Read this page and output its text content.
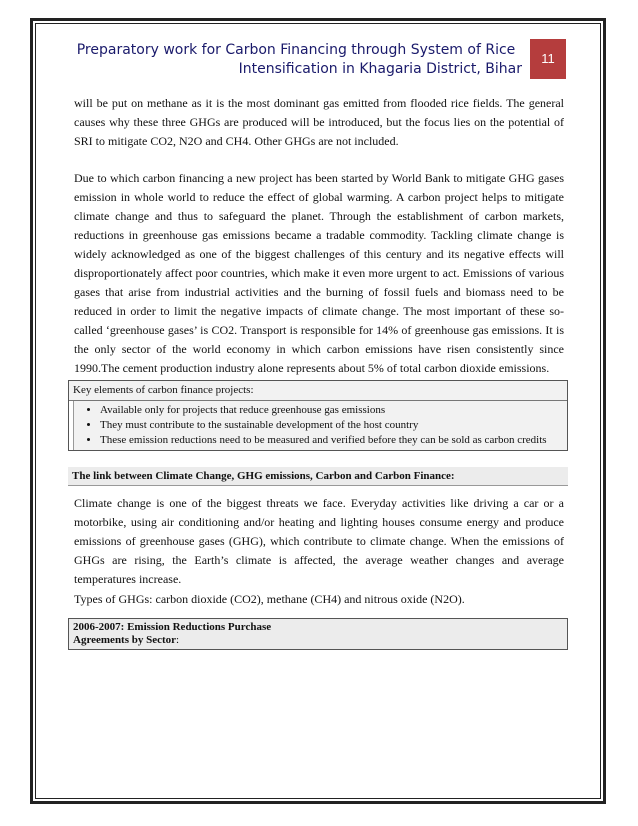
Preparatory work for Carbon Financing through System of Rice
Intensification in Khagaria District, Bihar
11

will be put on methane as it is the most dominant gas emitted from flooded rice fields. The general causes why these three GHGs are produced will be introduced, but the focus lies on the potential of SRI to mitigate CO2, N2O and CH4. Other GHGs are not included.

Due to which carbon financing a new project has been started by World Bank to mitigate GHG gases emission in whole world to reduce the effect of global warming. A carbon project helps to mitigate climate change and thus to safeguard the planet. Through the establishment of carbon markets, reductions in greenhouse gas emissions became a tradable commodity. Tackling climate change is widely acknowledged as one of the biggest challenges of this century and its negative effects will disproportionately affect poor countries, which make it even more urgent to act. Emissions of various gases that arise from industrial activities and the burning of fossil fuels and biomass need to be reduced in order to limit the negative impacts of climate change. The most important of these so-called ‘greenhouse gases’ is CO2. Transport is responsible for 14% of greenhouse gas emissions. It is the only sector of the world economy in which carbon emissions have risen consistently since 1990.The cement production industry alone represents about 5% of total carbon dioxide emissions.

Key elements of carbon finance projects:
• Available only for projects that reduce greenhouse gas emissions
• They must contribute to the sustainable development of the host country
• These emission reductions need to be measured and verified before they can be sold as carbon credits
The link between Climate Change, GHG emissions, Carbon and Carbon Finance:

Climate change is one of the biggest threats we face. Everyday activities like driving a car or a motorbike, using air conditioning and/or heating and lighting houses consume energy and produce emissions of greenhouse gases (GHG), which contribute to climate change. When the emissions of GHGs are rising, the Earth’s climate is affected, the average weather changes and average temperatures increase.

Types of GHGs: carbon dioxide (CO2), methane (CH4) and nitrous oxide (N2O).

2006-2007: Emission Reductions Purchase
Agreements by Sector:
